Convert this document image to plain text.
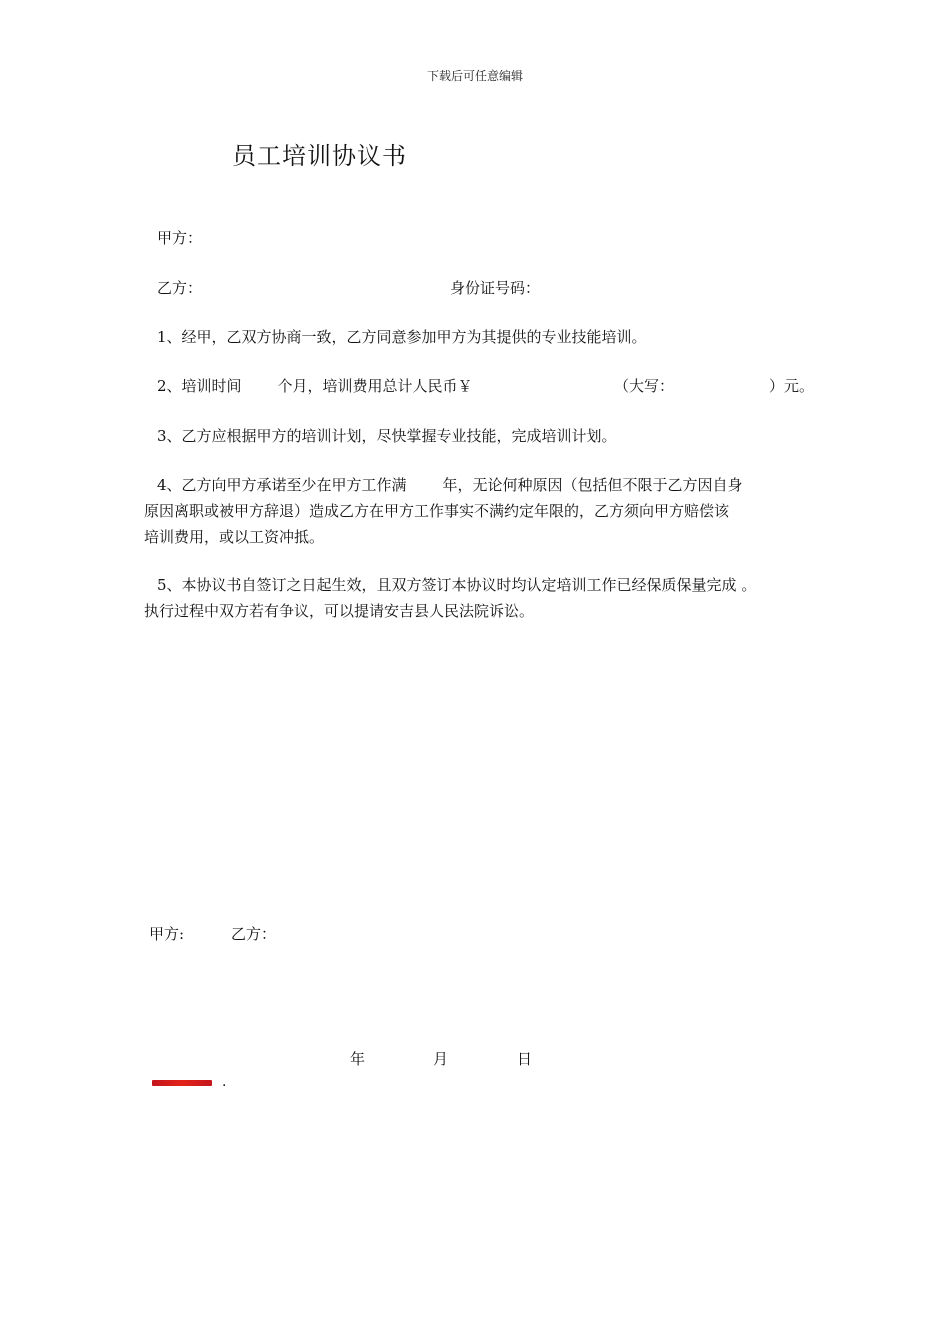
下载后可任意编辑
员工培训协议书
甲方：
乙方：	身份证号码：
1、经甲，乙双方协商一致，乙方同意参加甲方为其提供的专业技能培训。
2、培训时间 个月，培训费用总计人民币￥	（大写：	）元。
3、乙方应根据甲方的培训计划，尽快掌握专业技能，完成培训计划。
4、乙方向甲方承诺至少在甲方工作满 年，无论何种原因（包括但不限于乙方因自身
原因离职或被甲方辞退）造成乙方在甲方工作事实不满约定年限的，乙方须向甲方赔偿该
培训费用，或以工资冲抵。
5、本协议书自签订之日起生效，且双方签订本协议时均认定培训工作已经保质保量完成 。
执行过程中双方若有争议，可以提请安吉县人民法院诉讼。
甲方:	乙方：
年	月	日
.
